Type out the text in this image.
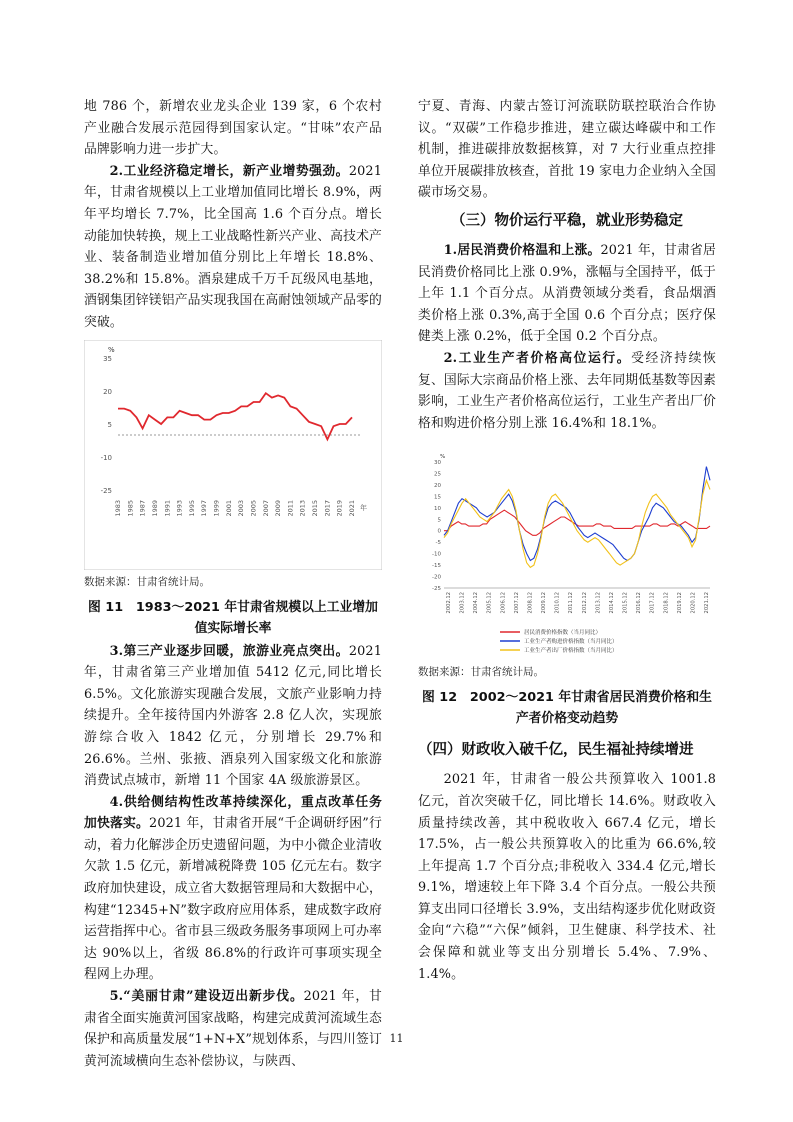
地 786 个，新增农业龙头企业 139 家，6 个农村产业融合发展示范园得到国家认定。“甘味”农产品品牌影响力进一步扩大。

2.工业经济稳定增长，新产业增势强劲。2021 年，甘肃省规模以上工业增加值同比增长 8.9%，两年平均增长 7.7%，比全国高 1.6 个百分点。增长动能加快转换，规上工业战略性新兴产业、高技术产业、装备制造业增加值分别比上年增长 18.8%、38.2%和 15.8%。酒泉建成千万千瓦级风电基地，酒钢集团锌镁铝产品实现我国在高耐蚀领域产品零的突破。

%
35
20
5
-10
-25
1983 1985 1987 1989 1991 1993 1995 1997 1999 2001 2003 2005 2007 2009 2011 2013 2015 2017 2019 2021 年
数据来源：甘肃省统计局。
图 11　1983～2021 年甘肃省规模以上工业增加值实际增长率

3.第三产业逐步回暖，旅游业亮点突出。2021 年，甘肃省第三产业增加值 5412 亿元,同比增长 6.5%。文化旅游实现融合发展，文旅产业影响力持续提升。全年接待国内外游客 2.8 亿人次，实现旅游综合收入 1842 亿元，分别增长 29.7%和 26.6%。兰州、张掖、酒泉列入国家级文化和旅游消费试点城市，新增 11 个国家 4A 级旅游景区。

4.供给侧结构性改革持续深化，重点改革任务加快落实。2021 年，甘肃省开展“千企调研纾困”行动，着力化解涉企历史遗留问题，为中小微企业清收欠款 1.5 亿元，新增减税降费 105 亿元左右。数字政府加快建设，成立省大数据管理局和大数据中心，构建“12345+N”数字政府应用体系，建成数字政府运营指挥中心。省市县三级政务服务事项网上可办率达 90%以上，省级 86.8%的行政许可事项实现全程网上办理。

5.“美丽甘肃”建设迈出新步伐。2021 年，甘肃省全面实施黄河国家战略，构建完成黄河流域生态保护和高质量发展“1+N+X”规划体系，与四川签订黄河流域横向生态补偿协议，与陕西、

宁夏、青海、内蒙古签订河流联防联控联治合作协议。“双碳”工作稳步推进，建立碳达峰碳中和工作机制，推进碳排放数据核算，对 7 大行业重点控排单位开展碳排放核查，首批 19 家电力企业纳入全国碳市场交易。

（三）物价运行平稳，就业形势稳定

1.居民消费价格温和上涨。2021 年，甘肃省居民消费价格同比上涨 0.9%，涨幅与全国持平，低于上年 1.1 个百分点。从消费领域分类看，食品烟酒类价格上涨 0.3%,高于全国 0.6 个百分点；医疗保健类上涨 0.2%，低于全国 0.2 个百分点。

2.工业生产者价格高位运行。受经济持续恢复、国际大宗商品价格上涨、去年同期低基数等因素影响，工业生产者价格高位运行，工业生产者出厂价格和购进价格分别上涨 16.4%和 18.1%。

%
30
25
20
15
10
5
0
-5
-10
-15
-20
-25
2002.12 2003.12 2004.12 2005.12 2006.12 2007.12 2008.12 2009.12 2010.12 2011.12 2012.12 2013.12 2014.12 2015.12 2016.12 2017.12 2018.12 2019.12 2020.12 2021.12
居民消费价格指数（当月同比）
工业生产者购进价格指数（当月同比）
工业生产者出厂价格指数（当月同比）
数据来源：甘肃省统计局。
图 12　2002～2021 年甘肃省居民消费价格和生产者价格变动趋势
（四）财政收入破千亿，民生福祉持续增进

2021 年，甘肃省一般公共预算收入 1001.8 亿元，首次突破千亿，同比增长 14.6%。财政收入质量持续改善，其中税收收入 667.4 亿元，增长 17.5%，占一般公共预算收入的比重为 66.6%,较上年提高 1.7 个百分点;非税收入 334.4 亿元,增长 9.1%，增速较上年下降 3.4 个百分点。一般公共预算支出同口径增长 3.9%，支出结构逐步优化财政资金向“六稳”“六保”倾斜，卫生健康、科学技术、社会保障和就业等支出分别增长 5.4%、7.9%、1.4%。

11
